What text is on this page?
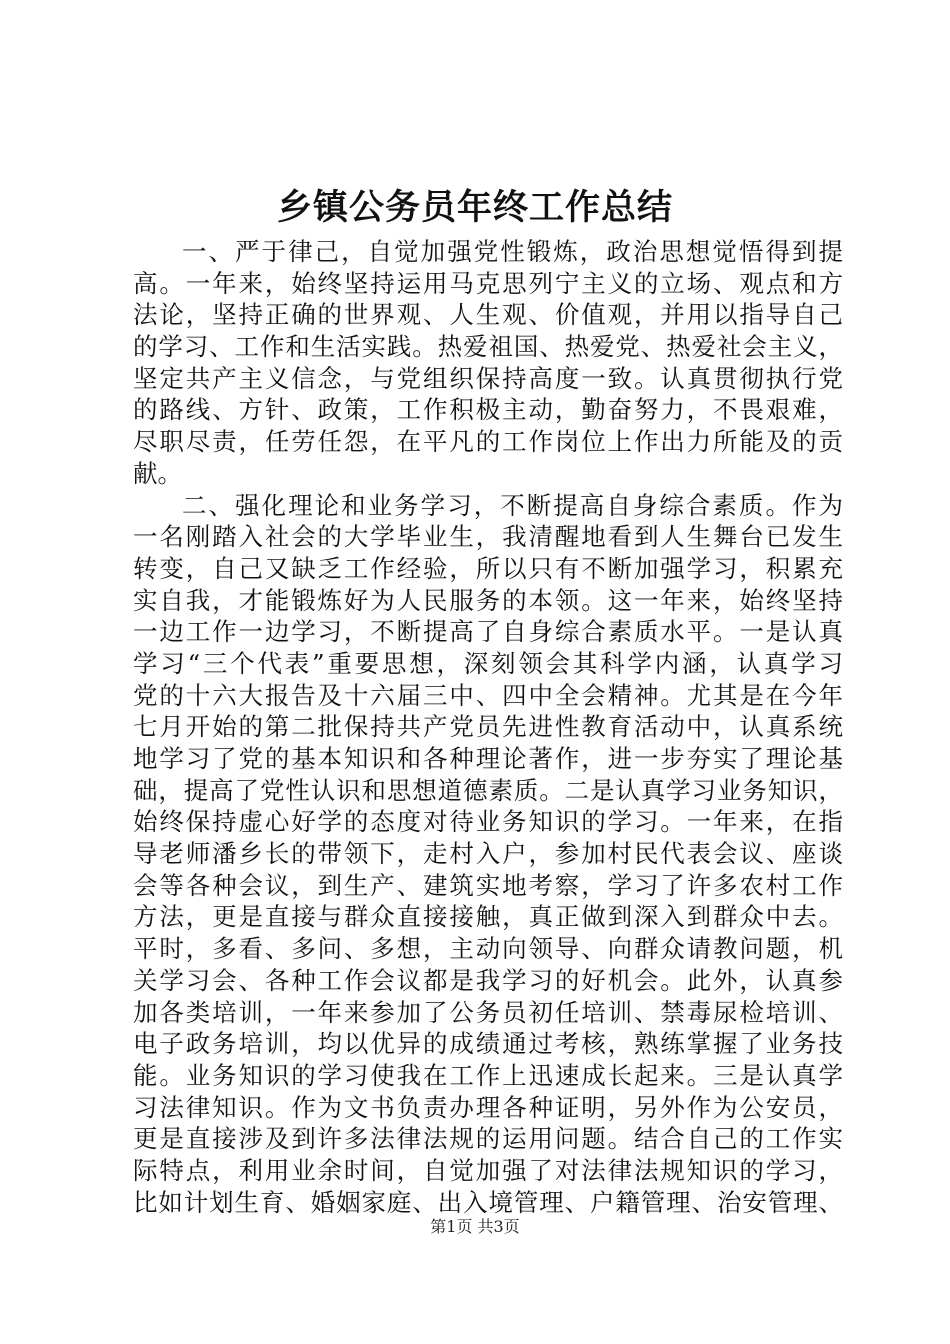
乡镇公务员年终工作总结
一、严于律己，自觉加强党性锻炼，政治思想觉悟得到提
高。一年来，始终坚持运用马克思列宁主义的立场、观点和方
法论，坚持正确的世界观、人生观、价值观，并用以指导自己
的学习、工作和生活实践。热爱祖国、热爱党、热爱社会主义，
坚定共产主义信念，与党组织保持高度一致。认真贯彻执行党
的路线、方针、政策，工作积极主动，勤奋努力，不畏艰难，
尽职尽责，任劳任怨，在平凡的工作岗位上作出力所能及的贡
献。
二、强化理论和业务学习，不断提高自身综合素质。作为
一名刚踏入社会的大学毕业生，我清醒地看到人生舞台已发生
转变，自己又缺乏工作经验，所以只有不断加强学习，积累充
实自我，才能锻炼好为人民服务的本领。这一年来，始终坚持
一边工作一边学习，不断提高了自身综合素质水平。一是认真
学习“三个代表”重要思想，深刻领会其科学内涵，认真学习
党的十六大报告及十六届三中、四中全会精神。尤其是在今年
七月开始的第二批保持共产党员先进性教育活动中，认真系统
地学习了党的基本知识和各种理论著作，进一步夯实了理论基
础，提高了党性认识和思想道德素质。二是认真学习业务知识，
始终保持虚心好学的态度对待业务知识的学习。一年来，在指
导老师潘乡长的带领下，走村入户，参加村民代表会议、座谈
会等各种会议，到生产、建筑实地考察，学习了许多农村工作
方法，更是直接与群众直接接触，真正做到深入到群众中去。
平时，多看、多问、多想，主动向领导、向群众请教问题，机
关学习会、各种工作会议都是我学习的好机会。此外，认真参
加各类培训，一年来参加了公务员初任培训、禁毒尿检培训、
电子政务培训，均以优异的成绩通过考核，熟练掌握了业务技
能。业务知识的学习使我在工作上迅速成长起来。三是认真学
习法律知识。作为文书负责办理各种证明，另外作为公安员，
更是直接涉及到许多法律法规的运用问题。结合自己的工作实
际特点，利用业余时间，自觉加强了对法律法规知识的学习，
比如计划生育、婚姻家庭、出入境管理、户籍管理、治安管理、
第1页 共3页
